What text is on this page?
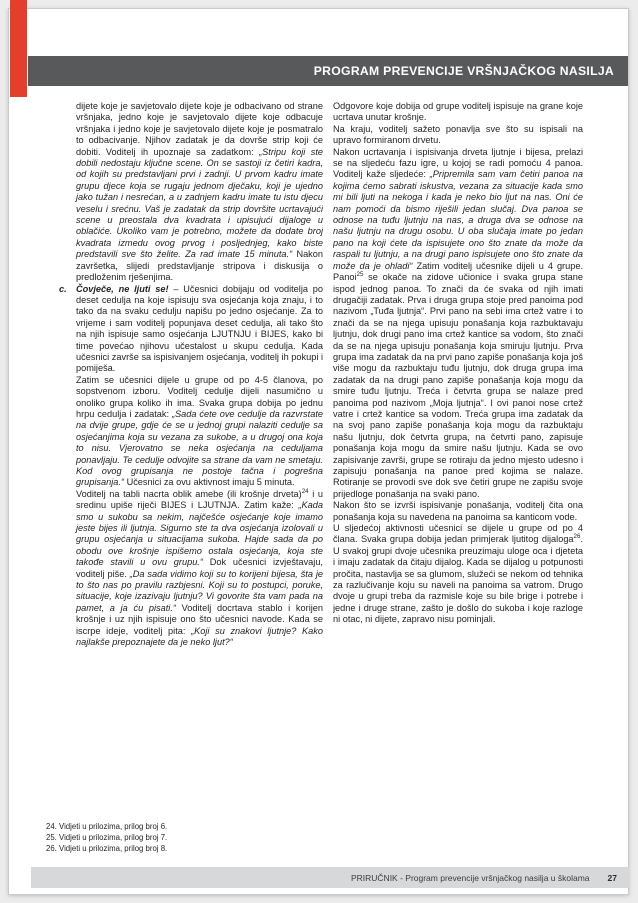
PROGRAM PREVENCIJE VRŠNJAČKOG NASILJA

dijete koje je savjetovalo dijete koje je odbacivano od strane vršnjaka, jedno koje je savjetovalo dijete koje odbacuje vršnjaka i jedno koje je savjetovalo dijete koje je posmatralo to odbacivanje. Njihov zadatak je da dovrše strip koji će dobiti. Voditelj ih upoznaje sa zadatkom: „Stripu koji ste dobili nedostaju ključne scene. On se sastoji iz četiri kadra, od kojih su predstavljani prvi i zadnji. U prvom kadru imate grupu djece koja se rugaju jednom dječaku, koji je ujedno jako tužan i nesrećan, a u zadnjem kadru imate tu istu djecu veselu i srećnu. Vaš je zadatak da strip dovršite ucrtavajući scene u preostala dva kvadrata i upisujući dijaloge u oblačiće. Ukoliko vam je potrebno, možete da dodate broj kvadrata izmedu ovog prvog i posljednjeg, kako biste predstavili sve što želite. Za rad imate 15 minuta.“ Nakon završetka, slijedi predstavljanje stripova i diskusija o predloženim rješenjima.

c. Čovječe, ne ljuti se! – Učesnici dobijaju od voditelja po deset cedulja na koje ispisuju sva osjećanja koja znaju, i to tako da na svaku cedulju napišu po jedno osjećanje. Za to vrijeme i sam voditelj popunjava deset cedulja, ali tako što na njih ispisuje samo osjećanja LJUTNJU i BIJES, kako bi time povećao njihovu učestalost u skupu cedulja. Kada učesnici završe sa ispisivanjem osjećanja, voditelj ih pokupi i pomiješa.

Zatim se učesnici dijele u grupe od po 4-5 članova, po sopstvenom izboru. Voditelj cedulje dijeli nasumično u onoliko grupa koliko ih ima. Svaka grupa dobija po jednu hrpu cedulja i zadatak: „Sada ćete ove cedulje da razvrstate na dvije grupe, gdje će se u jednoj grupi nalaziti cedulje sa osjećanjima koja su vezana za sukobe, a u drugoj ona koja to nisu. Vjerovatno se neka osjećanja na ceduljama ponavljaju. Te cedulje odvojite sa strane da vam ne smetaju. Kod ovog grupisanja ne postoje tačna i pogrešna grupisanja.“ Učesnici za ovu aktivnost imaju 5 minuta.

Voditelj na tabli nacrta oblik amebe (ili krošnje drveta)$^{24}$ i u sredinu upiše riječi BIJES i LJUTNJA. Zatim kaže: „Kada smo u sukobu sa nekim, najčešće osjećanje koje imamo jeste bijes ili ljutnja. Sigurno ste ta dva osjećanja izolovali u grupu osjećanja u situacijama sukoba. Hajde sada da po obodu ove krošnje ispišemo ostala osjećanja, koja ste takođe stavili u ovu grupu.“ Dok učesnici izvještavaju, voditelj piše. „Da sada vidimo koji su to korijeni bijesa, šta je to što nas po pravilu razbjesni. Koji su to postupci, poruke, situacije, koje izazivaju ljutnju? Vi govorite šta vam pada na pamet, a ja ću pisati.“ Voditelj docrtava stablo i korijen krošnje i uz njih ispisuje ono što učesnici navode. Kada se iscrpe ideje, voditelj pita: „Koji su znakovi ljutnje? Kako najlakše prepoznajete da je neko ljut?“

Odgovore koje dobija od grupe voditelj ispisuje na grane koje ucrtava unutar krošnje.

Na kraju, voditelj sažeto ponavlja sve što su ispisali na upravo formiranom drvetu.

Nakon ucrtavanja i ispisivanja drveta ljutnje i bijesa, prelazi se na sljedeću fazu igre, u kojoj se radi pomoću 4 panoa. Voditelj kaže sljedeće: „Pripremila sam vam četiri panoa na kojima ćemo sabrati iskustva, vezana za situacije kada smo mi bili ljuti na nekoga i kada je neko bio ljut na nas. Oni će nam pomoći da bismo riješili jedan slučaj. Dva panoa se odnose na tuđu ljutnju na nas, a druga dva se odnose na našu ljutnju na drugu osobu. U oba slučaja imate po jedan pano na koji ćete da ispisujete ono što znate da može da raspali tu ljutnju, a na drugi pano ispisujete ono što znate da može da je ohladi“ Zatim voditelj učesnike dijeli u 4 grupe. Panoi$^{25}$ se okače na zidove učionice i svaka grupa stane ispod jednog panoa. To znači da će svaka od njih imati drugačiji zadatak. Prva i druga grupa stoje pred panoima pod nazivom „Tuđa ljutnja“. Prvi pano na sebi ima crtež vatre i to znači da se na njega upisuju ponašanja koja razbuktavaju ljutnju, dok drugi pano ima crtež kantice sa vodom, što znači da se na njega upisuju ponašanja koja smiruju ljutnju. Prva grupa ima zadatak da na prvi pano zapiše ponašanja koja još više mogu da razbuktaju tuđu ljutnju, dok druga grupa ima zadatak da na drugi pano zapiše ponašanja koja mogu da smire tuđu ljutnju. Treća i četvrta grupa se nalaze pred panoima pod nazivom „Moja ljutnja“. I ovi panoi nose crtež vatre i crtež kantice sa vodom. Treća grupa ima zadatak da na svoj pano zapiše ponašanja koja mogu da razbuktaju našu ljutnju, dok četvrta grupa, na četvrti pano, zapisuje ponašanja koja mogu da smire našu ljutnju. Kada se ovo zapisivanje završi, grupe se rotiraju da jedno mjesto udesno i zapisuju ponašanja na panoe pred kojima se nalaze. Rotiranje se provodi sve dok sve četiri grupe ne zapišu svoje prijedloge ponašanja na svaki pano.

Nakon što se izvrši ispisivanje ponašanja, voditelj čita ona ponašanja koja su navedena na panoima sa kanticom vode.

U sljedećoj aktivnosti učesnici se dijele u grupe od po 4 člana. Svaka grupa dobija jedan primjerak ljutitog dijaloga$^{26}$. U svakoj grupi dvoje učesnika preuzimaju uloge oca i djeteta i imaju zadatak da čitaju dijalog. Kada se dijalog u potpunosti pročita, nastavlja se sa glumom, služeći se nekom od tehnika za razlučivanje koju su naveli na panoima sa vatrom. Drugo dvoje u grupi treba da razmisle koje su bile brige i potrebe i jedne i druge strane, zašto je došlo do sukoba i koje razloge ni otac, ni dijete, zapravo nisu pominjali.

24. Vidjeti u prilozima, prilog broj 6.
25. Vidjeti u prilozima, prilog broj 7.
26. Vidjeti u prilozima, prilog broj 8.
PRIRUČNIK - Program prevencije vršnjačkog nasilja u školama 27
